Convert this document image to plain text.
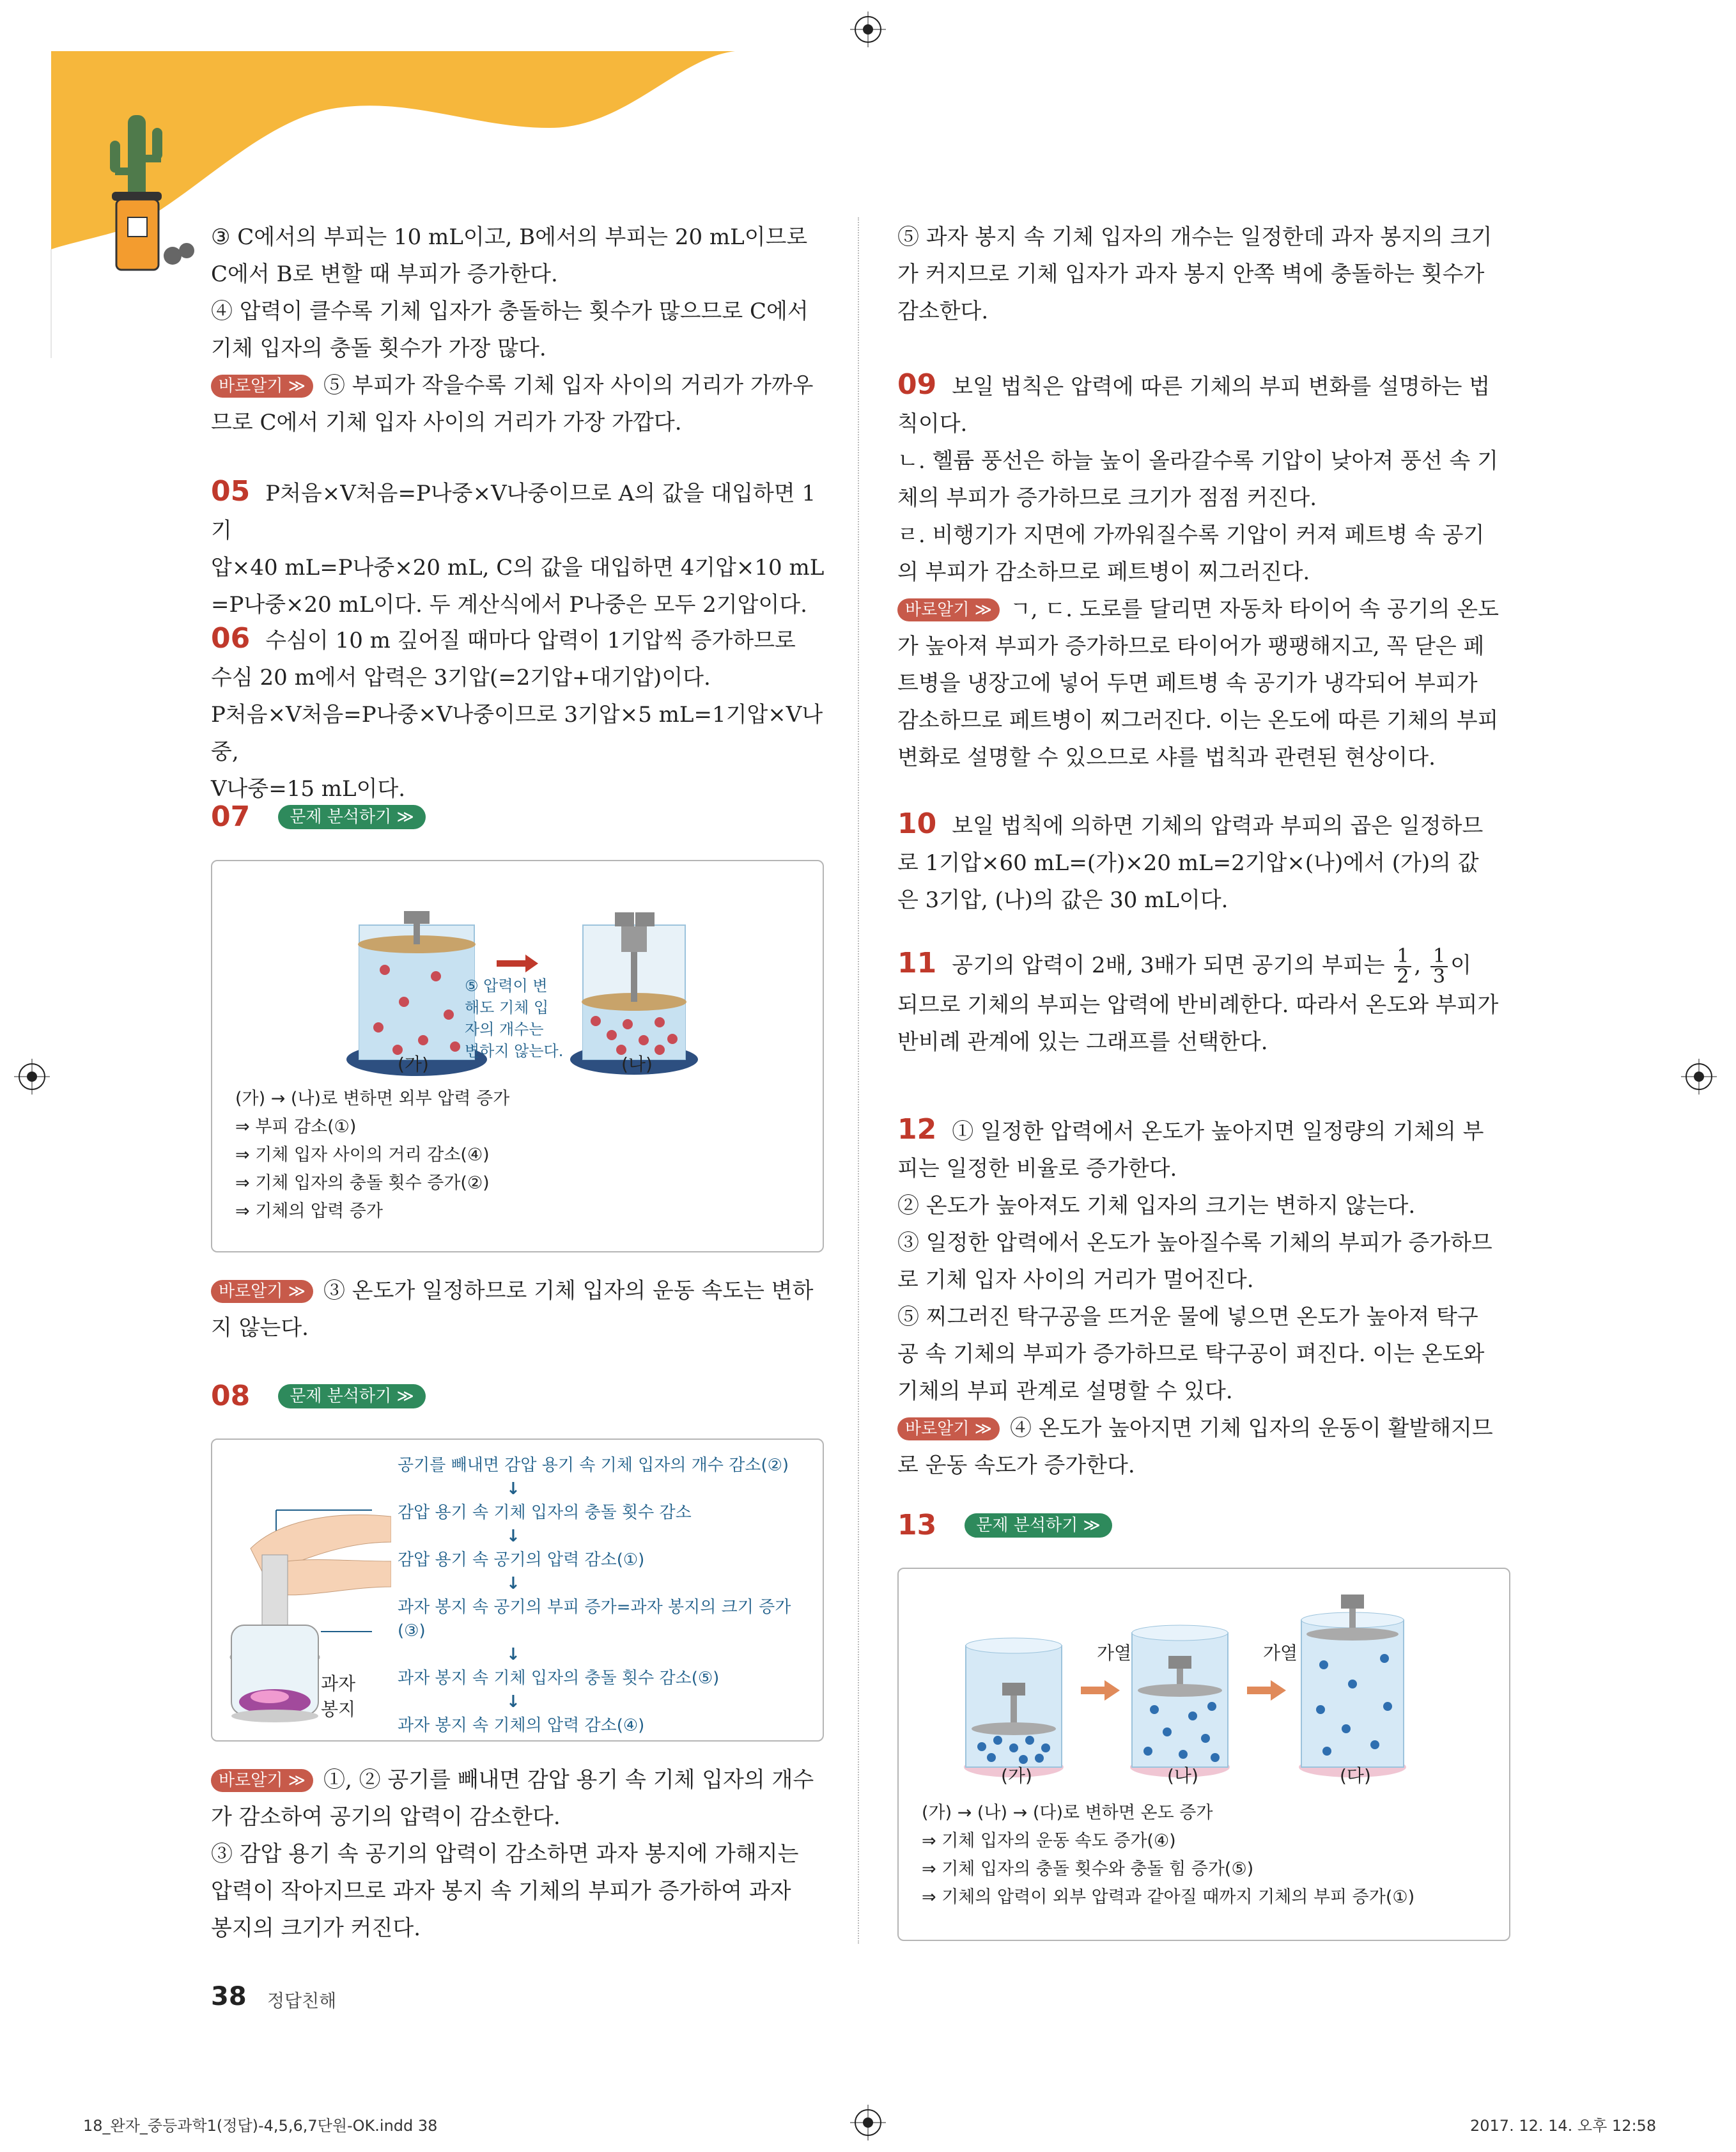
③ C에서의 부피는 10 mL이고, B에서의 부피는 20 mL이므로

C에서 B로 변할 때 부피가 증가한다.

④ 압력이 클수록 기체 입자가 충돌하는 횟수가 많으므로 C에서

기체 입자의 충돌 횟수가 가장 많다.

바로알기 ≫ ⑤ 부피가 작을수록 기체 입자 사이의 거리가 가까우

므로 C에서 기체 입자 사이의 거리가 가장 가깝다.

05 P처음×V처음=P나중×V나중이므로 A의 값을 대입하면 1기

압×40 mL=P나중×20 mL, C의 값을 대입하면 4기압×10 mL

=P나중×20 mL이다. 두 계산식에서 P나중은 모두 2기압이다.

06 수심이 10 m 깊어질 때마다 압력이 1기압씩 증가하므로

수심 20 m에서 압력은 3기압(=2기압+대기압)이다.

P처음×V처음=P나중×V나중이므로 3기압×5 mL=1기압×V나중,

V나중=15 mL이다.

07 문제 분석하기 ≫
⑤ 압력이 변
해도 기체 입
자의 개수는
변하지 않는다.
(가)	(나)
(가) → (나)로 변하면 외부 압력 증가
⇒ 부피 감소(①)
⇒ 기체 입자 사이의 거리 감소(④)
⇒ 기체 입자의 충돌 횟수 증가(②)
⇒ 기체의 압력 증가

바로알기 ≫ ③ 온도가 일정하므로 기체 입자의 운동 속도는 변하

지 않는다.

08 문제 분석하기 ≫
과자
봉지
공기를 빼내면 감압 용기 속 기체 입자의 개수 감소(②)
↓
감압 용기 속 기체 입자의 충돌 횟수 감소
↓
감압 용기 속 공기의 압력 감소(①)
↓
과자 봉지 속 공기의 부피 증가=과자 봉지의 크기 증가(③)
↓
과자 봉지 속 기체 입자의 충돌 횟수 감소(⑤)
↓
과자 봉지 속 기체의 압력 감소(④)

바로알기 ≫ ①, ② 공기를 빼내면 감압 용기 속 기체 입자의 개수

가 감소하여 공기의 압력이 감소한다.

③ 감압 용기 속 공기의 압력이 감소하면 과자 봉지에 가해지는

압력이 작아지므로 과자 봉지 속 기체의 부피가 증가하여 과자

봉지의 크기가 커진다.

⑤ 과자 봉지 속 기체 입자의 개수는 일정한데 과자 봉지의 크기

가 커지므로 기체 입자가 과자 봉지 안쪽 벽에 충돌하는 횟수가

감소한다.

09 보일 법칙은 압력에 따른 기체의 부피 변화를 설명하는 법

칙이다.

ㄴ. 헬륨 풍선은 하늘 높이 올라갈수록 기압이 낮아져 풍선 속 기

체의 부피가 증가하므로 크기가 점점 커진다.

ㄹ. 비행기가 지면에 가까워질수록 기압이 커져 페트병 속 공기

의 부피가 감소하므로 페트병이 찌그러진다.

바로알기 ≫ ㄱ, ㄷ. 도로를 달리면 자동차 타이어 속 공기의 온도

가 높아져 부피가 증가하므로 타이어가 팽팽해지고, 꼭 닫은 페

트병을 냉장고에 넣어 두면 페트병 속 공기가 냉각되어 부피가

감소하므로 페트병이 찌그러진다. 이는 온도에 따른 기체의 부피

변화로 설명할 수 있으므로 샤를 법칙과 관련된 현상이다.

10 보일 법칙에 의하면 기체의 압력과 부피의 곱은 일정하므

로 1기압×60 mL=(가)×20 mL=2기압×(나)에서 (가)의 값

은 3기압, (나)의 값은 30 mL이다.

11 공기의 압력이 2배, 3배가 되면 공기의 부피는 $\frac{1}{2}$ , $\frac{1}{3}$ 이

되므로 기체의 부피는 압력에 반비례한다. 따라서 온도와 부피가

반비례 관계에 있는 그래프를 선택한다.

12 ① 일정한 압력에서 온도가 높아지면 일정량의 기체의 부

피는 일정한 비율로 증가한다.

② 온도가 높아져도 기체 입자의 크기는 변하지 않는다.

③ 일정한 압력에서 온도가 높아질수록 기체의 부피가 증가하므

로 기체 입자 사이의 거리가 멀어진다.

⑤ 찌그러진 탁구공을 뜨거운 물에 넣으면 온도가 높아져 탁구

공 속 기체의 부피가 증가하므로 탁구공이 펴진다. 이는 온도와

기체의 부피 관계로 설명할 수 있다.

바로알기 ≫ ④ 온도가 높아지면 기체 입자의 운동이 활발해지므

로 운동 속도가 증가한다.

13 문제 분석하기 ≫
가열	가열
(가)	(나)	(다)
(가) → (나) → (다)로 변하면 온도 증가
⇒ 기체 입자의 운동 속도 증가(④)
⇒ 기체 입자의 충돌 횟수와 충돌 힘 증가(⑤)
⇒ 기체의 압력이 외부 압력과 같아질 때까지 기체의 부피 증가(①)
38 정답친해
18_완자_중등과학1(정답)-4,5,6,7단원-OK.indd 38	2017. 12. 14. 오후 12:58
